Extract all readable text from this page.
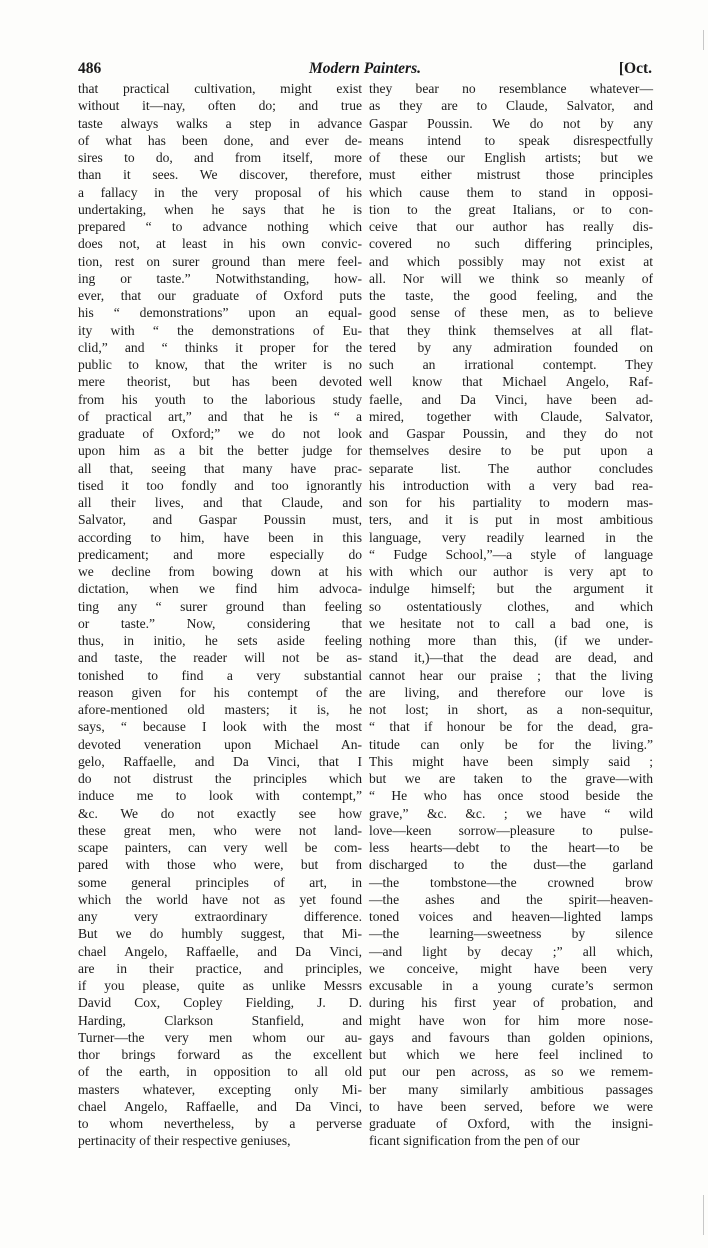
486	Modern Painters.	[Oct.
that practical cultivation, might exist
without it—nay, often do; and true
taste always walks a step in advance
of what has been done, and ever de-
sires to do, and from itself, more
than it sees. We discover, therefore,
a fallacy in the very proposal of his
undertaking, when he says that he is
prepared “ to advance nothing which
does not, at least in his own convic-
tion, rest on surer ground than mere feel-
ing or taste.” Notwithstanding, how-
ever, that our graduate of Oxford puts
his “ demonstrations” upon an equal-
ity with “ the demonstrations of Eu-
clid,” and “ thinks it proper for the
public to know, that the writer is no
mere theorist, but has been devoted
from his youth to the laborious study
of practical art,” and that he is “ a
graduate of Oxford;” we do not look
upon him as a bit the better judge for
all that, seeing that many have prac-
tised it too fondly and too ignorantly
all their lives, and that Claude, and
Salvator, and Gaspar Poussin must,
according to him, have been in this
predicament; and more especially do
we decline from bowing down at his
dictation, when we find him advoca-
ting any “ surer ground than feeling
or taste.” Now, considering that
thus, in initio, he sets aside feeling
and taste, the reader will not be as-
tonished to find a very substantial
reason given for his contempt of the
afore-mentioned old masters; it is, he
says, “ because I look with the most
devoted veneration upon Michael An-
gelo, Raffaelle, and Da Vinci, that I
do not distrust the principles which
induce me to look with contempt,”
&c. We do not exactly see how
these great men, who were not land-
scape painters, can very well be com-
pared with those who were, but from
some general principles of art, in
which the world have not as yet found
any very extraordinary difference.
But we do humbly suggest, that Mi-
chael Angelo, Raffaelle, and Da Vinci,
are in their practice, and principles,
if you please, quite as unlike Messrs
David Cox, Copley Fielding, J. D.
Harding, Clarkson Stanfield, and
Turner—the very men whom our au-
thor brings forward as the excellent
of the earth, in opposition to all old
masters whatever, excepting only Mi-
chael Angelo, Raffaelle, and Da Vinci,
to whom nevertheless, by a perverse
pertinacity of their respective geniuses,
they bear no resemblance whatever—
as they are to Claude, Salvator, and
Gaspar Poussin. We do not by any
means intend to speak disrespectfully
of these our English artists; but we
must either mistrust those principles
which cause them to stand in opposi-
tion to the great Italians, or to con-
ceive that our author has really dis-
covered no such differing principles,
and which possibly may not exist at
all. Nor will we think so meanly of
the taste, the good feeling, and the
good sense of these men, as to believe
that they think themselves at all flat-
tered by any admiration founded on
such an irrational contempt. They
well know that Michael Angelo, Raf-
faelle, and Da Vinci, have been ad-
mired, together with Claude, Salvator,
and Gaspar Poussin, and they do not
themselves desire to be put upon a
separate list. The author concludes
his introduction with a very bad rea-
son for his partiality to modern mas-
ters, and it is put in most ambitious
language, very readily learned in the
“ Fudge School,”—a style of language
with which our author is very apt to
indulge himself; but the argument it
so ostentatiously clothes, and which
we hesitate not to call a bad one, is
nothing more than this, (if we under-
stand it,)—that the dead are dead, and
cannot hear our praise ; that the living
are living, and therefore our love is
not lost; in short, as a non-sequitur,
“ that if honour be for the dead, gra-
titude can only be for the living.”
This might have been simply said ;
but we are taken to the grave—with
“ He who has once stood beside the
grave,” &c. &c. ; we have “ wild
love—keen sorrow—pleasure to pulse-
less hearts—debt to the heart—to be
discharged to the dust—the garland
—the tombstone—the crowned brow
—the ashes and the spirit—heaven-
toned voices and heaven—lighted lamps
—the learning—sweetness by silence
—and light by decay ;” all which,
we conceive, might have been very
excusable in a young curate’s sermon
during his first year of probation, and
might have won for him more nose-
gays and favours than golden opinions,
but which we here feel inclined to
put our pen across, as so we remem-
ber many similarly ambitious passages
to have been served, before we were
graduate of Oxford, with the insigni-
ficant signification from the pen of our
